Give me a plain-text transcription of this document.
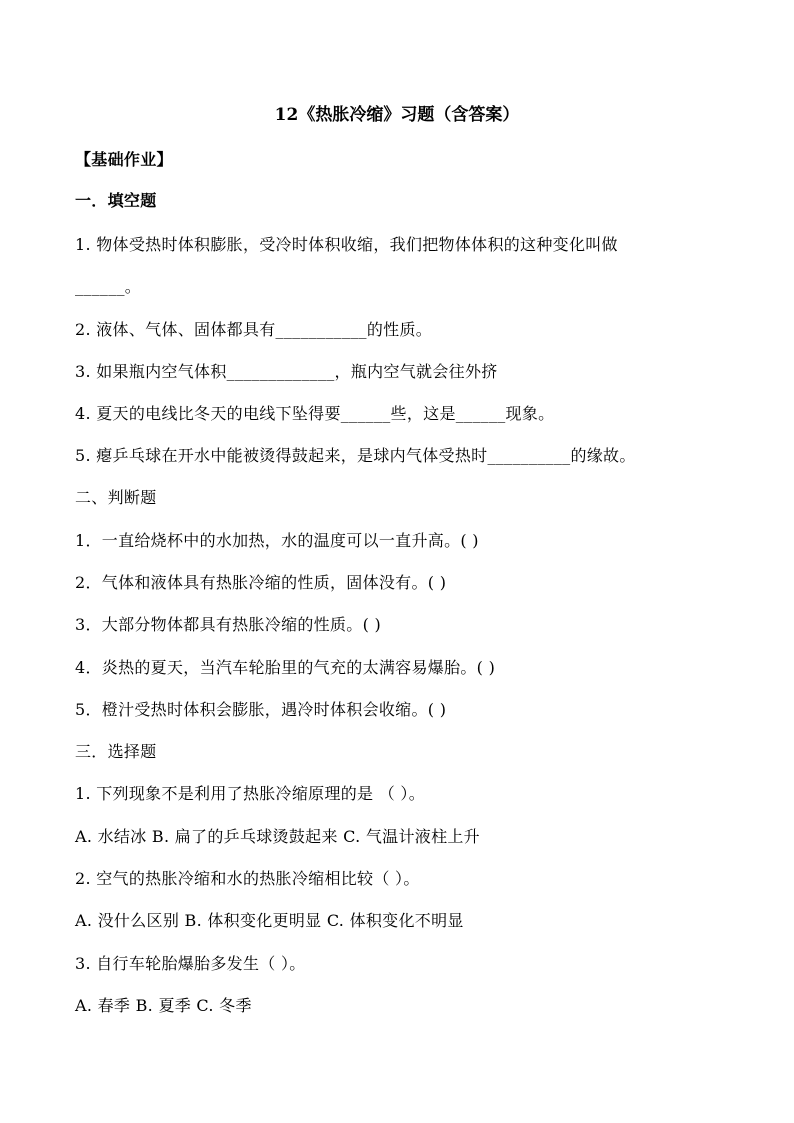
12《热胀冷缩》习题（含答案）

【基础作业】

一．填空题

1. 物体受热时体积膨胀，受冷时体积收缩，我们把物体体积的这种变化叫做

______。

2. 液体、气体、固体都具有___________的性质。

3. 如果瓶内空气体积_____________，瓶内空气就会往外挤

4. 夏天的电线比冬天的电线下坠得要______些，这是______现象。

5. 瘪乒乓球在开水中能被烫得鼓起来，是球内气体受热时__________的缘故。

二、判断题

1．一直给烧杯中的水加热，水的温度可以一直升高。( )

2．气体和液体具有热胀冷缩的性质，固体没有。( )

3．大部分物体都具有热胀冷缩的性质。( )

4．炎热的夏天，当汽车轮胎里的气充的太满容易爆胎。( )

5．橙汁受热时体积会膨胀，遇冷时体积会收缩。( )

三．选择题

1. 下列现象不是利用了热胀冷缩原理的是 （ ）。

A. 水结冰 B. 扁了的乒乓球烫鼓起来 C. 气温计液柱上升

2. 空气的热胀冷缩和水的热胀冷缩相比较（ ）。

A. 没什么区别 B. 体积变化更明显 C. 体积变化不明显

3. 自行车轮胎爆胎多发生（ ）。

A. 春季 B. 夏季 C. 冬季
